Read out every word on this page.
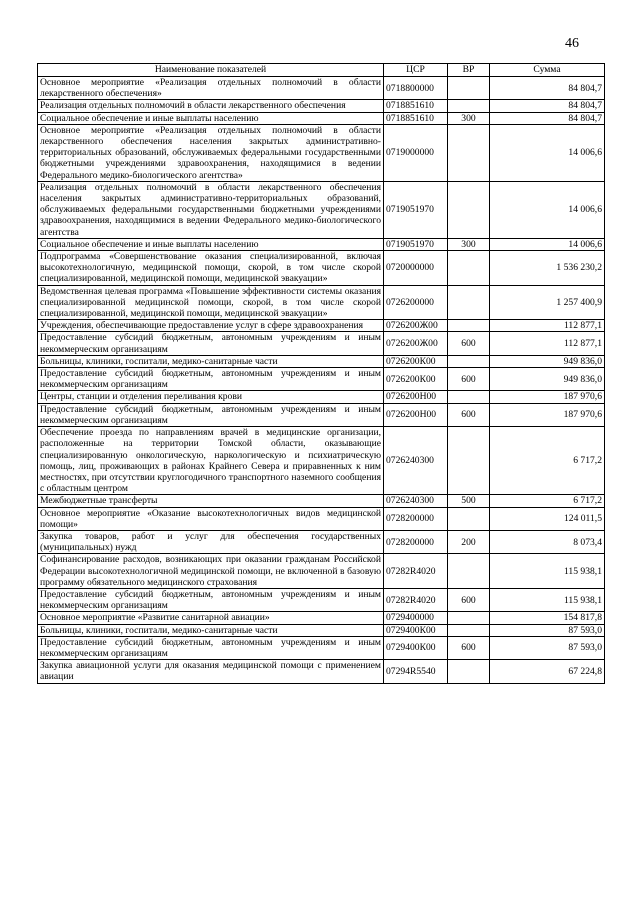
46
Наименование показателей	ЦСР	ВР	Сумма
Основное мероприятие «Реализация отдельных полномочий в области лекарственного обеспечения»	0718800000		84 804,7
Реализация отдельных полномочий в области лекарственного обеспечения	0718851610		84 804,7
Социальное обеспечение и иные выплаты населению	0718851610	300	84 804,7
Основное мероприятие «Реализация отдельных полномочий в области лекарственного обеспечения населения закрытых административно-территориальных образований, обслуживаемых федеральными государственными бюджетными учреждениями здравоохранения, находящимися в ведении Федерального медико-биологического агентства»	0719000000		14 006,6
Реализация отдельных полномочий в области лекарственного обеспечения населения закрытых административно-территориальных образований, обслуживаемых федеральными государственными бюджетными учреждениями здравоохранения, находящимися в ведении Федерального медико-биологического агентства	0719051970		14 006,6
Социальное обеспечение и иные выплаты населению	0719051970	300	14 006,6
Подпрограмма «Совершенствование оказания специализированной, включая высокотехнологичную, медицинской помощи, скорой, в том числе скорой специализированной, медицинской помощи, медицинской эвакуации»	0720000000		1 536 230,2
Ведомственная целевая программа «Повышение эффективности системы оказания специализированной медицинской помощи, скорой, в том числе скорой специализированной, медицинской помощи, медицинской эвакуации»	0726200000		1 257 400,9
Учреждения, обеспечивающие предоставление услуг в сфере здравоохранения	0726200Ж00		112 877,1
Предоставление субсидий бюджетным, автономным учреждениям и иным некоммерческим организациям	0726200Ж00	600	112 877,1
Больницы, клиники, госпитали, медико-санитарные части	0726200К00		949 836,0
Предоставление субсидий бюджетным, автономным учреждениям и иным некоммерческим организациям	0726200К00	600	949 836,0
Центры, станции и отделения переливания крови	0726200Н00		187 970,6
Предоставление субсидий бюджетным, автономным учреждениям и иным некоммерческим организациям	0726200Н00	600	187 970,6
Обеспечение проезда по направлениям врачей в медицинские организации, расположенные на территории Томской области, оказывающие специализированную онкологическую, наркологическую и психиатрическую помощь, лиц, проживающих в районах Крайнего Севера и приравненных к ним местностях, при отсутствии круглогодичного транспортного наземного сообщения с областным центром	0726240300		6 717,2
Межбюджетные трансферты	0726240300	500	6 717,2
Основное мероприятие «Оказание высокотехнологичных видов медицинской помощи»	0728200000		124 011,5
Закупка товаров, работ и услуг для обеспечения государственных (муниципальных) нужд	0728200000	200	8 073,4
Софинансирование расходов, возникающих при оказании гражданам Российской Федерации высокотехнологичной медицинской помощи, не включенной в базовую программу обязательного медицинского страхования	07282R4020		115 938,1
Предоставление субсидий бюджетным, автономным учреждениям и иным некоммерческим организациям	07282R4020	600	115 938,1
Основное мероприятие «Развитие санитарной авиации»	0729400000		154 817,8
Больницы, клиники, госпитали, медико-санитарные части	0729400К00		87 593,0
Предоставление субсидий бюджетным, автономным учреждениям и иным некоммерческим организациям	0729400К00	600	87 593,0
Закупка авиационной услуги для оказания медицинской помощи с применением авиации	07294R5540		67 224,8
